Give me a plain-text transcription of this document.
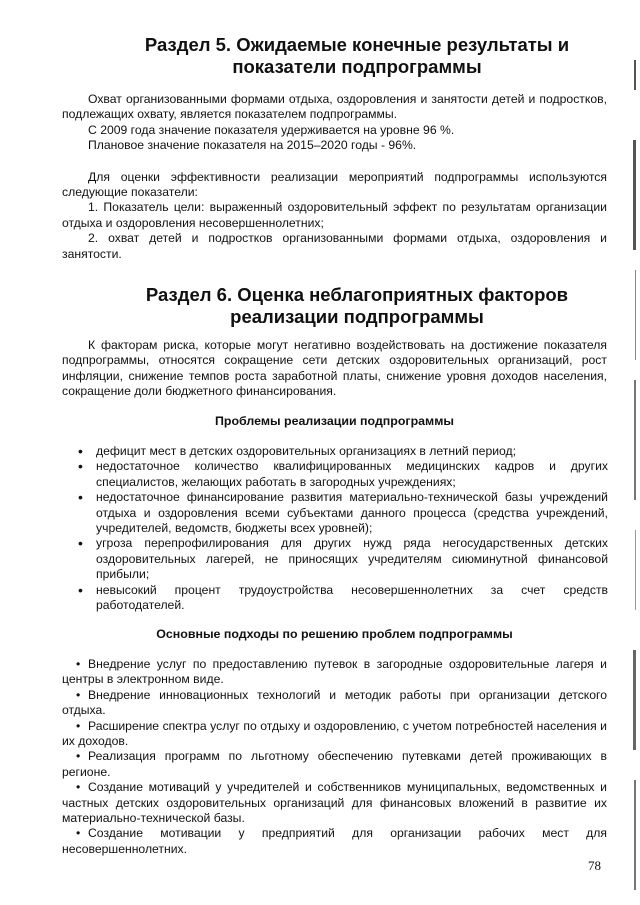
Раздел 5. Ожидаемые конечные результаты и показатели подпрограммы
Охват организованными формами отдыха, оздоровления и занятости детей и подростков, подлежащих охвату, является показателем подпрограммы.
С 2009 года значение показателя удерживается на уровне 96 %.
Плановое значение показателя на 2015–2020 годы - 96%.
Для оценки эффективности реализации мероприятий подпрограммы используются следующие показатели:
1. Показатель цели: выраженный оздоровительный эффект по результатам организации отдыха и оздоровления несовершеннолетних;
2. охват детей и подростков организованными формами отдыха, оздоровления и занятости.
Раздел 6. Оценка неблагоприятных факторов реализации подпрограммы
К факторам риска, которые могут негативно воздействовать на достижение показателя подпрограммы, относятся сокращение сети детских оздоровительных организаций, рост инфляции, снижение темпов роста заработной платы, снижение уровня доходов населения, сокращение доли бюджетного финансирования.
Проблемы реализации подпрограммы
• дефицит мест в детских оздоровительных организациях в летний период;
• недостаточное количество квалифицированных медицинских кадров и других специалистов, желающих работать в загородных учреждениях;
• недостаточное финансирование развития материально-технической базы учреждений отдыха и оздоровления всеми субъектами данного процесса (средства учреждений, учредителей, ведомств, бюджеты всех уровней);
• угроза перепрофилирования для других нужд ряда негосударственных детских оздоровительных лагерей, не приносящих учредителям сиюминутной финансовой прибыли;
• невысокий процент трудоустройства несовершеннолетних за счет средств работодателей.
Основные подходы по решению проблем подпрограммы
• Внедрение услуг по предоставлению путевок в загородные оздоровительные лагеря и центры в электронном виде.
• Внедрение инновационных технологий и методик работы при организации детского отдыха.
• Расширение спектра услуг по отдыху и оздоровлению, с учетом потребностей населения и их доходов.
• Реализация программ по льготному обеспечению путевками детей проживающих в регионе.
• Создание мотиваций у учредителей и собственников муниципальных, ведомственных и частных детских оздоровительных организаций для финансовых вложений в развитие их материально-технической базы.
• Создание мотивации у предприятий для организации рабочих мест для несовершеннолетних.
78
